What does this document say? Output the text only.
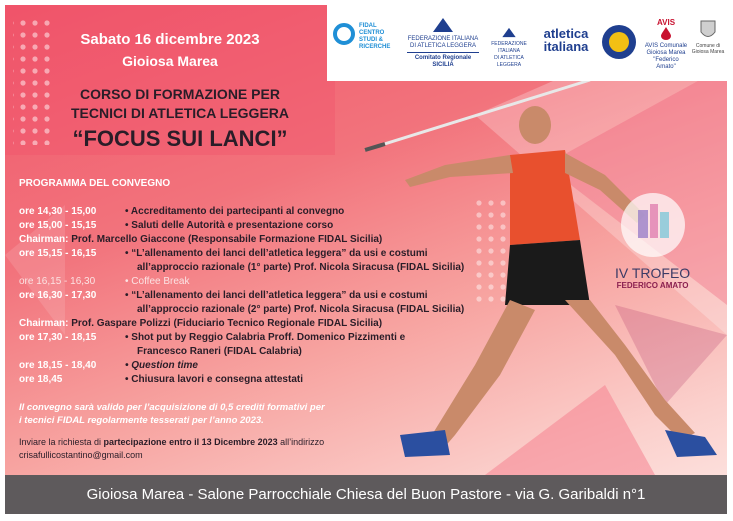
Sabato 16 dicembre 2023
Gioiosa Marea
CORSO DI FORMAZIONE PER
TECNICI DI ATLETICA LEGGERA
“FOCUS SUI LANCI”
FIDAL
CENTRO
STUDI &
RICERCHE
FEDERAZIONE ITALIANA
DI ATLETICA LEGGERA
Comitato Regionale SICILIA
FEDERAZIONE ITALIANA
DI ATLETICA LEGGERA
atletica
italiana
AVIS
AVIS Comunale
Gioiosa Marea
"Federico Amato"
Comune di
Gioiosa Marea
PROGRAMMA DEL CONVEGNO
ore 14,30 - 15,00	• Accreditamento dei partecipanti al convegno
ore 15,00 - 15,15	• Saluti delle Autorità e presentazione corso
Chairman: Prof. Marcello Giaccone (Responsabile Formazione FIDAL Sicilia)
ore 15,15 - 16,15	• “L’allenamento dei lanci dell’atletica leggera” da usi e costumi
all’approccio razionale (1° parte) Prof. Nicola Siracusa (FIDAL Sicilia)
ore 16,15 - 16,30	• Coffee Break
ore 16,30 - 17,30	• “L’allenamento dei lanci dell’atletica leggera” da usi e costumi
all’approccio razionale (2° parte) Prof. Nicola Siracusa (FIDAL Sicilia)
Chairman: Prof. Gaspare Polizzi (Fiduciario Tecnico Regionale FIDAL Sicilia)
ore 17,30 - 18,15	• Shot put by Reggio Calabria Proff. Domenico Pizzimenti e
Francesco Raneri (FIDAL Calabria)
ore 18,15 - 18,40	• Question time
ore 18,45	• Chiusura lavori e consegna attestati
Il convegno sarà valido per l’acquisizione di 0,5 crediti formativi per
i tecnici FIDAL regolarmente tesserati per l’anno 2023.
Inviare la richiesta di partecipazione entro il 13 Dicembre 2023 all’indirizzo
crisafullicostantino@gmail.com
IV TROFEO
FEDERICO AMATO
Gioiosa Marea - Salone Parrocchiale Chiesa del Buon Pastore - via G. Garibaldi n°1
